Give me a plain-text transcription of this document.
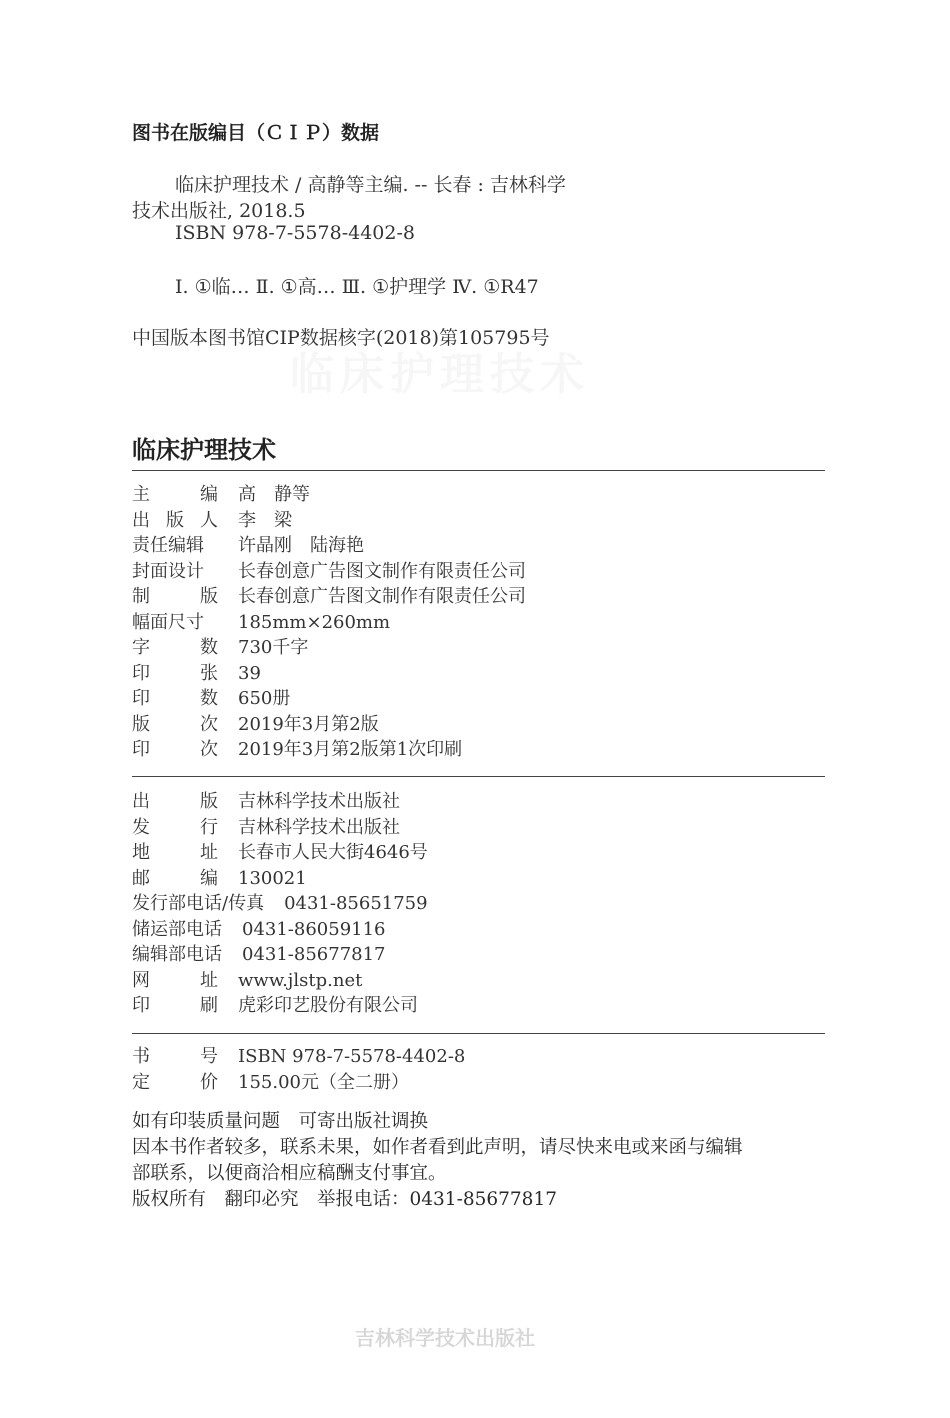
图书在版编目（ＣＩＰ）数据
临床护理技术 / 高静等主编. -- 长春 : 吉林科学
技术出版社, 2018.5
ISBN 978-7-5578-4402-8
Ⅰ. ①临… Ⅱ. ①高… Ⅲ. ①护理学 Ⅳ. ①R47
中国版本图书馆CIP数据核字(2018)第105795号
临床护理技术
主	编 高　静等
出 版 人 李　梁
责任编辑	许晶刚　陆海艳
封面设计	长春创意广告图文制作有限责任公司
制	版 长春创意广告图文制作有限责任公司
幅面尺寸	185mm×260mm
字	数 730千字
印	张 39
印	数 650册
版	次 2019年3月第2版
印	次 2019年3月第2版第1次印刷
出	版 吉林科学技术出版社
发	行 吉林科学技术出版社
地	址 长春市人民大街4646号
邮	编 130021
发行部电话/传真 0431-85651759
储运部电话 0431-86059116
编辑部电话 0431-85677817
网	址 www.jlstp.net
印	刷 虎彩印艺股份有限公司
书	号 ISBN 978-7-5578-4402-8
定	价 155.00元（全二册）
如有印装质量问题　可寄出版社调换
因本书作者较多，联系未果，如作者看到此声明，请尽快来电或来函与编辑
部联系，以便商洽相应稿酬支付事宜。
版权所有　翻印必究　举报电话：0431-85677817
吉林科学技术出版社
